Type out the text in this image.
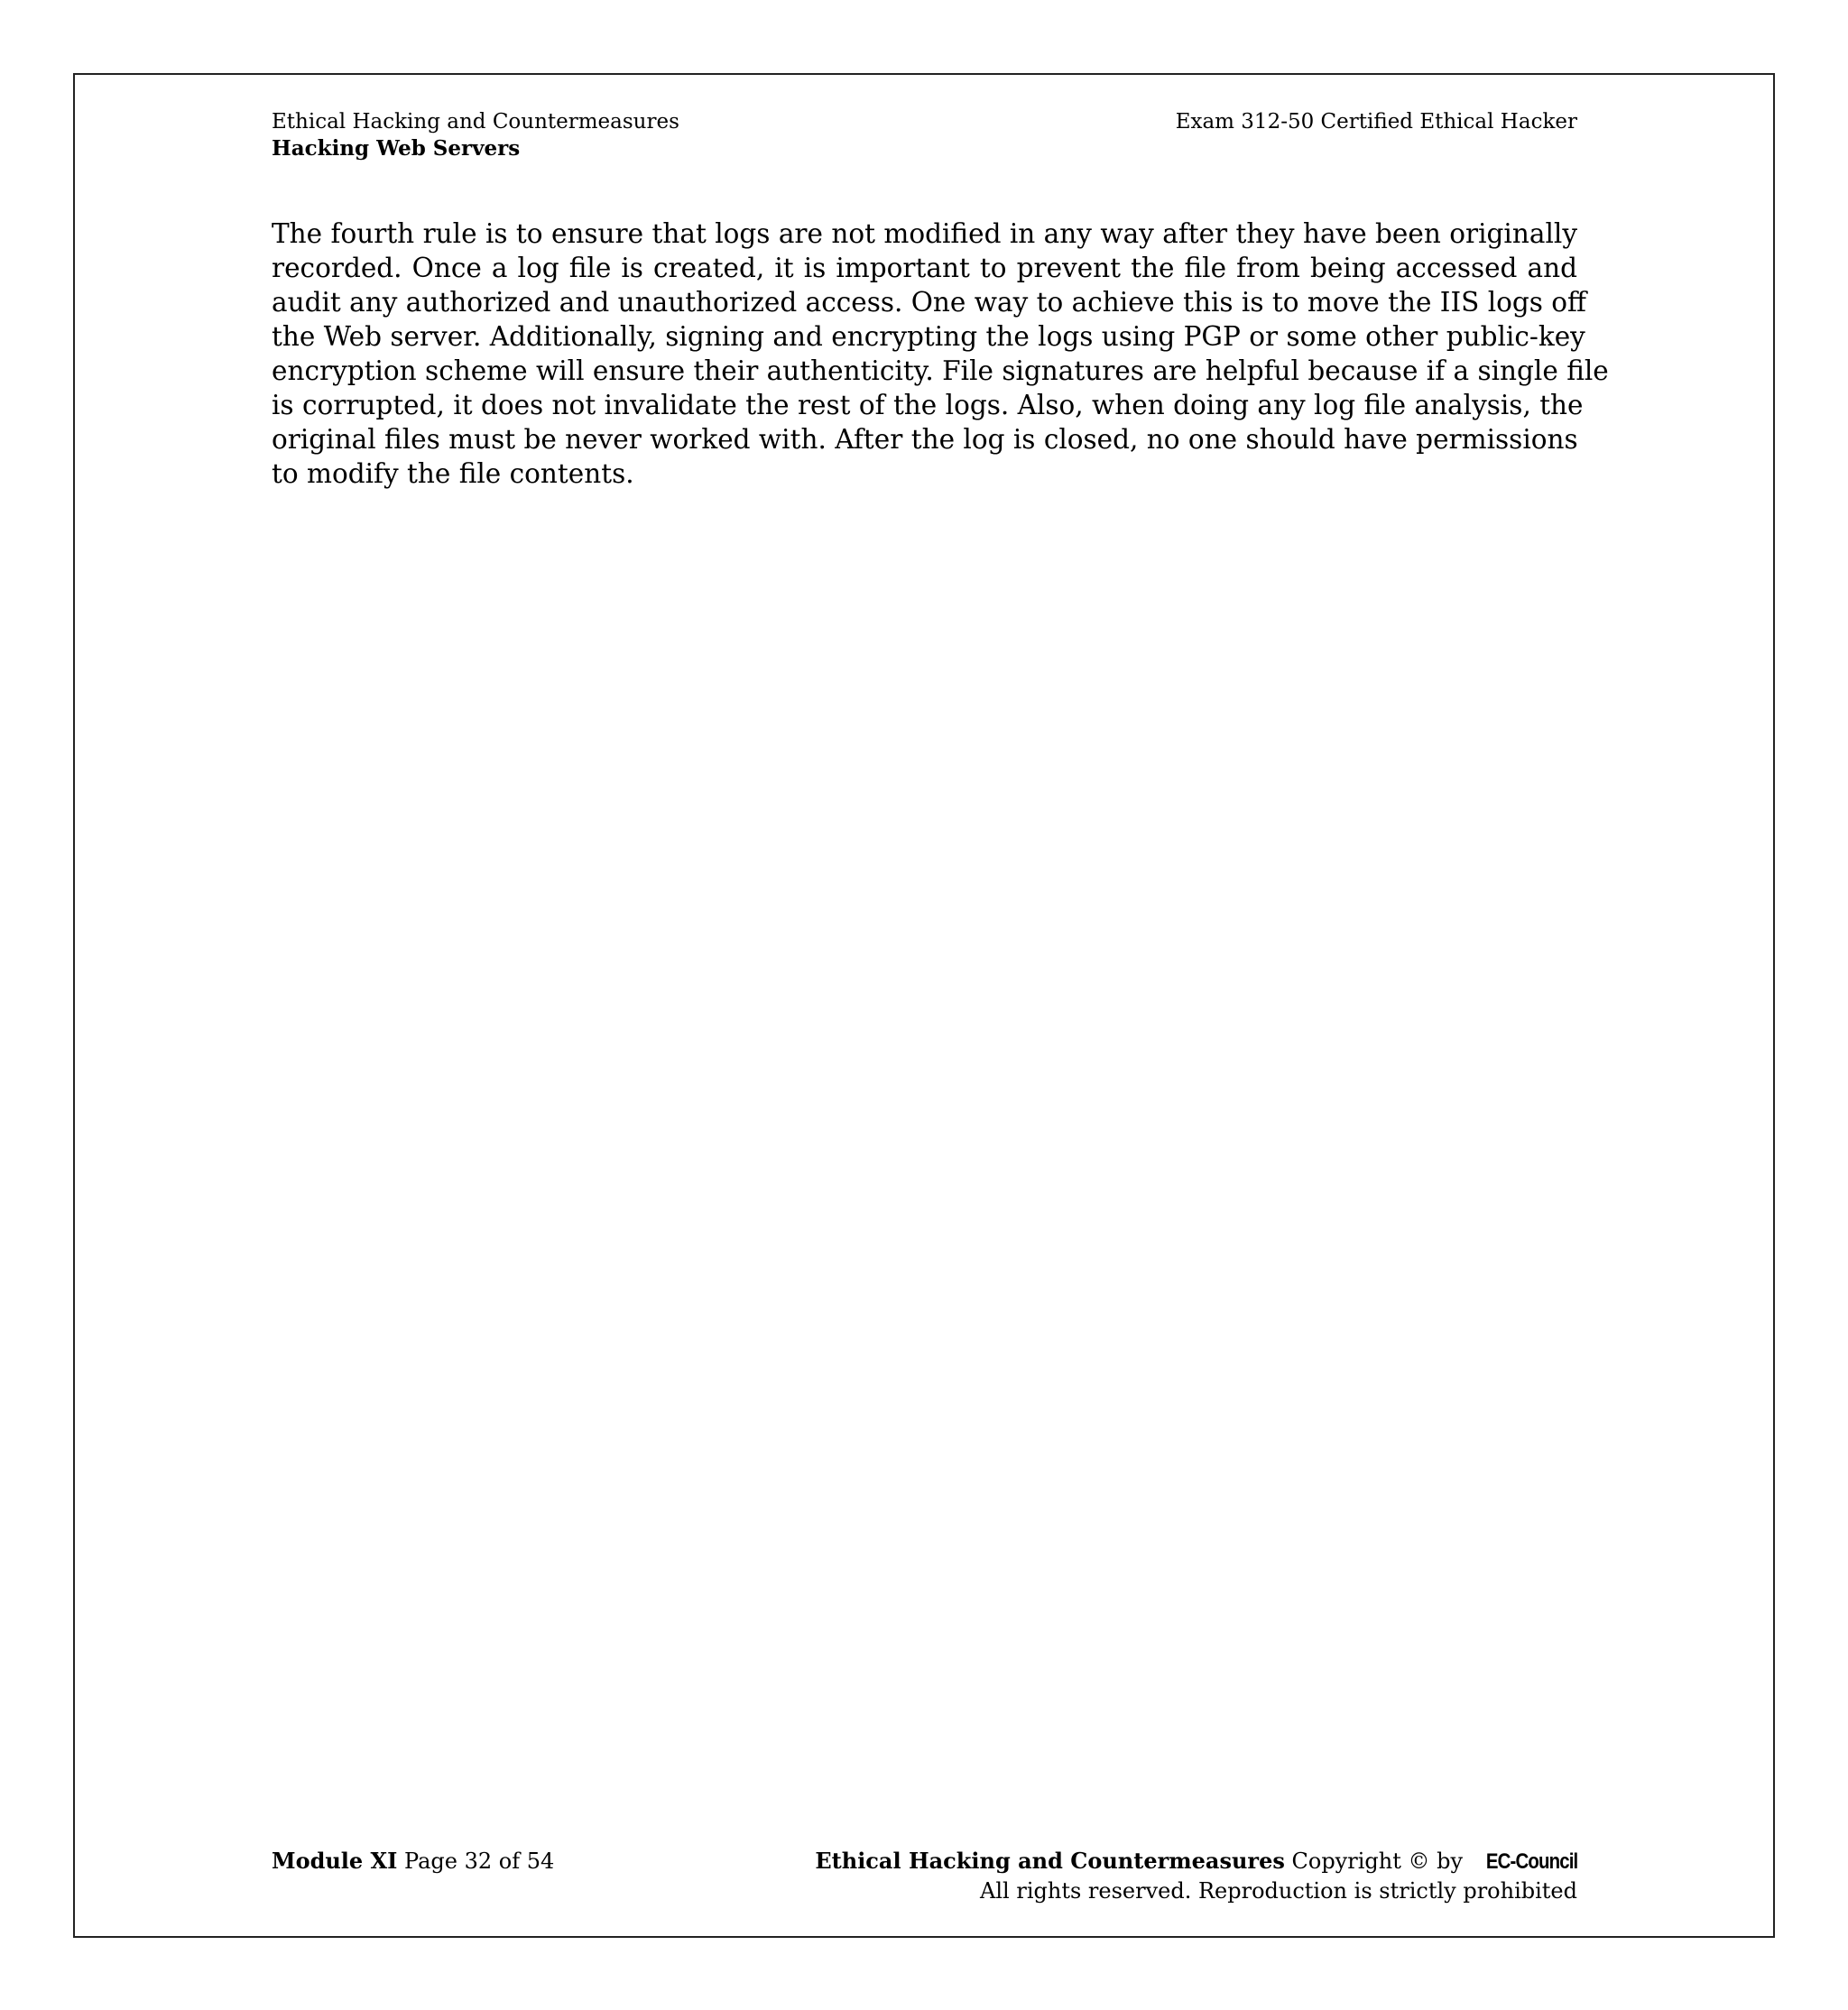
Ethical Hacking and Countermeasures
Hacking Web Servers
Exam 312-50 Certified Ethical Hacker
The fourth rule is to ensure that logs are not modified in any way after they have been originally
recorded. Once a log file is created, it is important to prevent the file from being accessed and
audit any authorized and unauthorized access. One way to achieve this is to move the IIS logs off
the Web server. Additionally, signing and encrypting the logs using PGP or some other public-key
encryption scheme will ensure their authenticity. File signatures are helpful because if a single file
is corrupted, it does not invalidate the rest of the logs. Also, when doing any log file analysis, the
original files must be never worked with. After the log is closed, no one should have permissions
to modify the file contents.
Module XI Page 32 of 54	Ethical Hacking and Countermeasures Copyright © by EC-Council
All rights reserved. Reproduction is strictly prohibited
